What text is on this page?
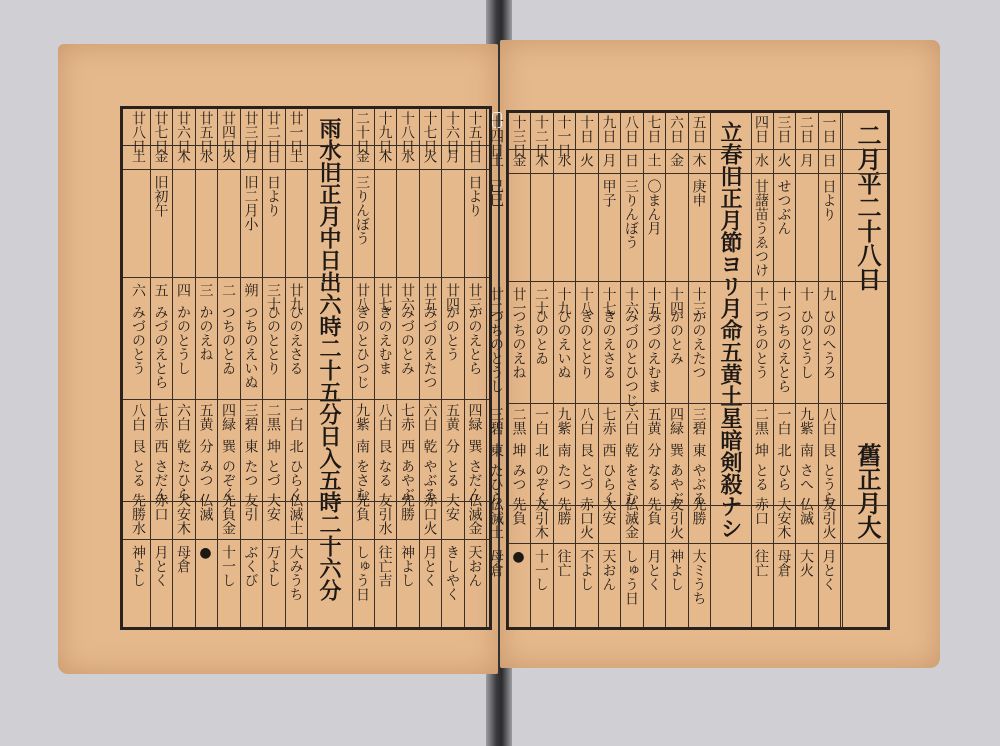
雨水旧正月中日出六時二十五分日入五時二十六分	十五日
日
日より
廿三
かのえとら
四緑
巽
さだん
仏滅
金
天おん
十六日
月
廿四
かのとう
五黄
分
とる
大安
きしやく
十七日
火
廿五
みづのえたつ
六白
乾
やぶる
赤口
火
月とく
十八日
水
廿六
みづのとみ
七赤
西
あやぶ
先勝
神よし
十九日
木
廿七
きのえむま
八白
艮
なる
友引
水
往亡吉
二十日
金
三りんぼう
廿八
きのとひつじ
九紫
南
をさむ
先負
しゅう日
廿一日
土
廿九
ひのえさる
一白
北
ひらく
仏滅
土
大みうち
廿二日
日
日より
三十
ひのととり
二黒
坤
とづ
大安
万よし
廿三日
月
旧二月小
朔
つちのえいぬ
三碧
東
たつ
友引
ぶくび
廿四日
火
二
つちのとゐ
四緑
巽
のぞく
先負
金
十一し
廿五日
水
三
かのえね
五黄
分
みつ
仏滅
●
廿六日
木
四
かのとうし
六白
乾
たひら
大安
木
母倉
廿七日
金
旧初午
五
みづのえとら
七赤
西
さだん
赤口
月とく
廿八日
土
六
みづのとう
八白
艮
とる
先勝
水
神よし
二月平二十八日
舊正月大
立春旧正月節ヨリ月命五黄土星暗剣殺ナシ	一日
日
日より
九
ひのへうろ
八白
艮
とうら
友引
火
月とく
二日
月
十
ひのとうし
九紫
南
さへ
仏滅
大火
三日
火
せつぶん
十一
つちのえとら
一白
北
ひら
大安
木
母倉
四日
水
甘藷苗うゑつけ
十二
つちのとう
二黒
坤
とる
赤口
往亡
五日
木
庚申
十三
かのえたつ
三碧
東
やぶる
先勝
大ミうち
六日
金
十四
かのとみ
四緑
巽
あやぶ
友引
火
神よし
七日
土
〇まん月
十五
みづのえむま
五黄
分
なる
先負
月とく
八日
日
三りんぼう
十六
みづのとひつじ
六白
乾
をさむ
仏滅
金
しゅう日
九日
月
甲子
十七
きのえさる
七赤
西
ひらく
大安
天おん
十日
火
十八
きのととり
八白
艮
とづ
赤口
火
不よし
十一日
水
十九
ひのえいぬ
九紫
南
たつ
先勝
往亡
十二日
木
二十
ひのとゐ
一白
北
のぞく
友引
木
十一し
十三日
金
廿一
つちのえね
二黒
坤
みつ
先負
●
十四日
土
己巳
廿二
つちのとうし
三碧
東
たひら
仏滅
土
母倉
